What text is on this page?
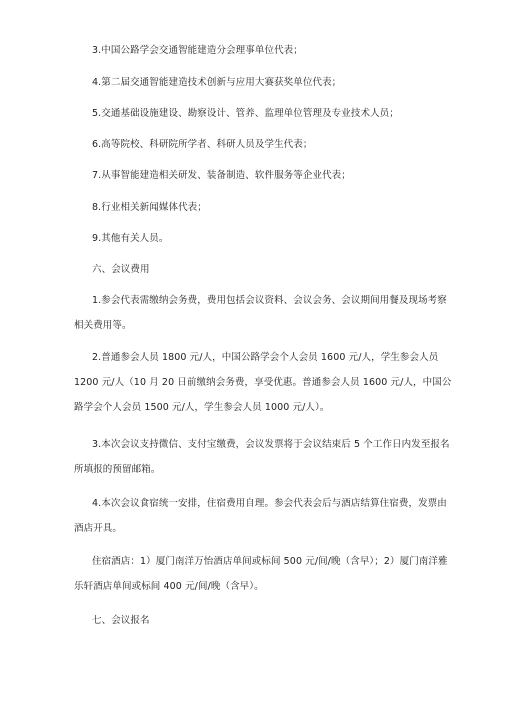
3.中国公路学会交通智能建造分会理事单位代表；

4.第二届交通智能建造技术创新与应用大赛获奖单位代表；

5.交通基础设施建设、勘察设计、管养、监理单位管理及专业技术人员；

6.高等院校、科研院所学者、科研人员及学生代表；

7.从事智能建造相关研发、装备制造、软件服务等企业代表；

8.行业相关新闻媒体代表；

9.其他有关人员。

六、会议费用

1.参会代表需缴纳会务费，费用包括会议资料、会议会务、会议期间用餐及现场考察相关费用等。

2.普通参会人员 1800 元/人，中国公路学会个人会员 1600 元/人，学生参会人员 1200 元/人（10 月 20 日前缴纳会务费，享受优惠。普通参会人员 1600 元/人，中国公路学会个人会员 1500 元/人，学生参会人员 1000 元/人）。

3.本次会议支持微信、支付宝缴费，会议发票将于会议结束后 5 个工作日内发至报名所填报的预留邮箱。

4.本次会议食宿统一安排，住宿费用自理。参会代表会后与酒店结算住宿费，发票由酒店开具。

住宿酒店：1）厦门南洋万怡酒店单间或标间 500 元/间/晚（含早）；2）厦门南洋雅乐轩酒店单间或标间 400 元/间/晚（含早）。

七、会议报名
